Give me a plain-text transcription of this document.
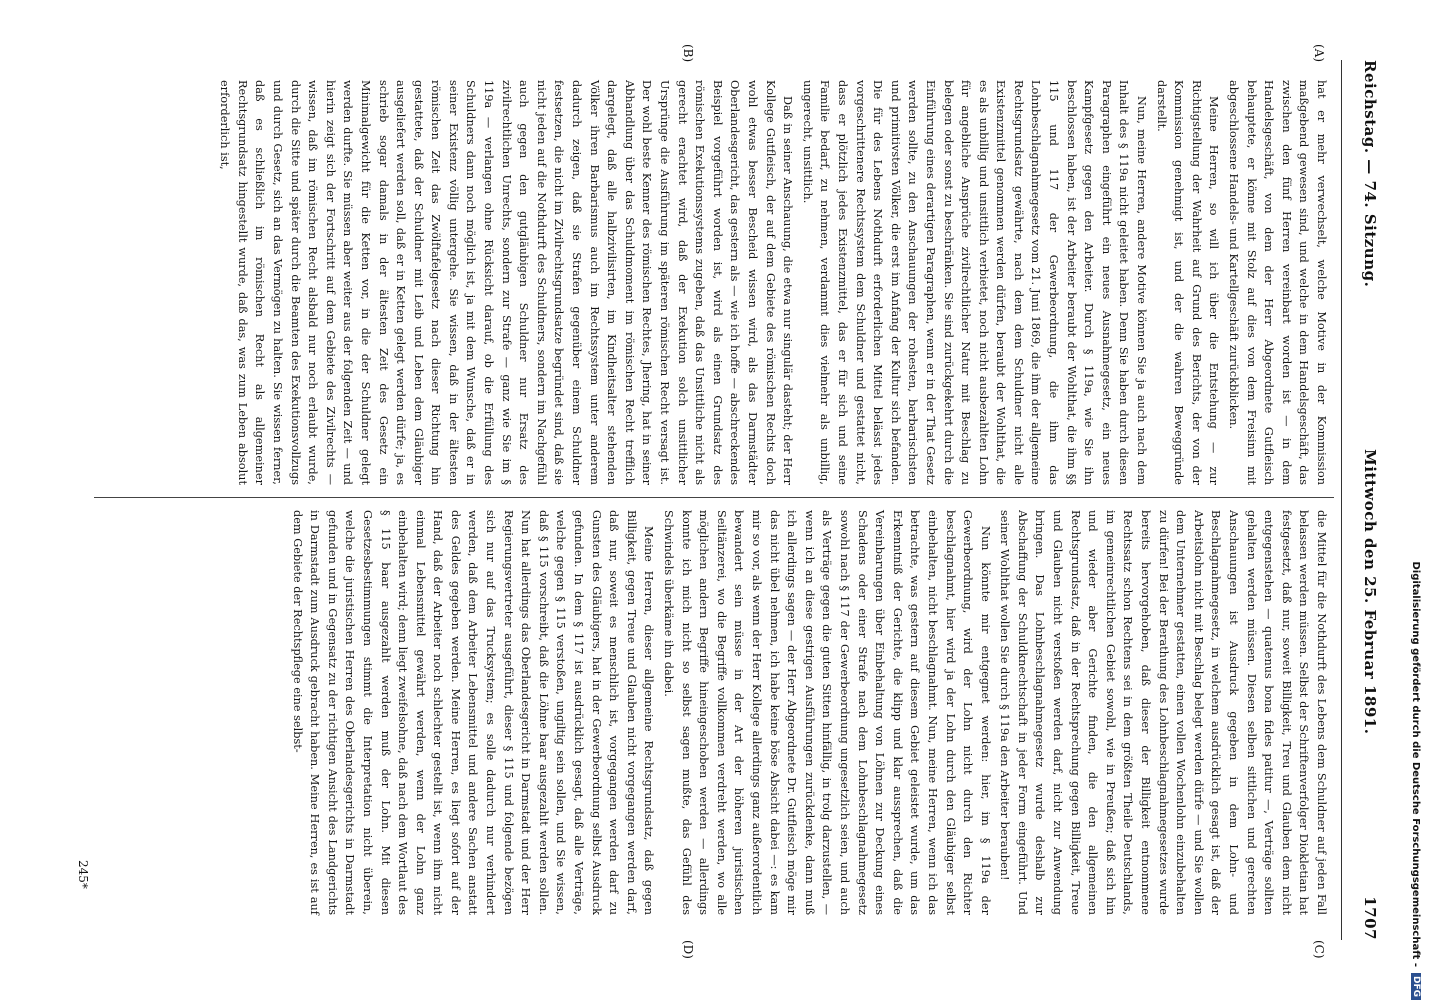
Reichstag. — 74. Sitzung.
Mittwoch den 25. Februar 1891.
1707
(A)
(B)
(C)
(D)

hat er mehr verwechselt, welche Motive in der Kommission maßgebend gewesen sind, und welche in dem Handelsgeschäft, das zwischen den fünf Herren vereinbart worden ist — in dem Handelsgeschäft, von dem der Herr Abgeordnete Gutfleisch behauptete, er könne mit Stolz auf dies von dem Freisinn mit abgeschlossene Handels- und Kartellgeschäft zurückblicken.

Meine Herren, so will ich über die Entstehung — zur Richtigstellung der Wahrheit auf Grund des Berichts, der von der Kommission genehmigt ist, und der die wahren Beweggründe darstellt.

Nun, meine Herren, andere Motive können Sie ja auch nach dem Inhalt des § 119a nicht geleitet haben. Denn Sie haben durch diesen Paragraphen eingeführt ein neues Ausnahmegesetz, ein neues Kampfgesetz gegen den Arbeiter. Durch § 119a, wie Sie ihn beschlossen haben, ist der Arbeiter beraubt der Wohlthat, die ihm §§ 115 und 117 der Gewerbeordnung, die ihm das Lohnbeschlagnahmegesetz vom 21. Juni 1869, die ihm der allgemeine Rechtsgrundsatz gewährte, nach dem dem Schuldner nicht alle Existenzmittel genommen werden dürfen, beraubt der Wohlthat, die es als unbillig und unsittlich verbietet, noch nicht ausbezahlten Lohn für angebliche Ansprüche zivilrechtlicher Natur mit Beschlag zu belegen oder sonst zu beschränken. Sie sind zurückgekehrt durch die Einführung eines derartigen Paragraphen, wenn er in der That Gesetz werden sollte, zu den Anschauungen der rohesten, barbarischsten und primitivsten Völker, die erst im Anfang der Kultur sich befanden. Die für des Lebens Nothdurft erforderlichen Mittel belässt jedes vorgeschrittenere Rechtssystem dem Schuldner und gestattet nicht, dass er plötzlich jedes Existenzmittel, das er für sich und seine Familie bedarf, zu nehmen, verdammt dies vielmehr als unbillig, ungerecht, unsittlich.

Daß in seiner Anschauung, die etwa nur singulär dasteht; der Herr Kollege Gutfleisch, der auf dem Gebiete des römischen Rechts doch wohl etwas besser Bescheid wissen wird, als das Darmstädter Oberlandesgericht, das gestern als — wie ich hoffe — abschreckendes Beispiel vorgeführt worden ist, wird als einen Grundsatz des römischen Exekutionssystems zugeben, daß das Unsittliche nicht als gerecht erachtet wird, daß der Exekution solch unsittlicher Ursprünge die Ausführung im späteren römischen Recht versagt ist. Der wohl beste Kenner des römischen Rechtes, Jhering, hat in seiner Abhandlung über das Schuldmoment im römischen Recht trefflich dargelegt, daß alle halbzivilisirten, im Kindheitsalter stehenden Völker ihren Barbarismus auch im Rechtssystem unter anderem dadurch zeigen, daß sie Strafen gegenüber einem Schuldner festsetzen, die nicht im Zivilrechtsgrundsatze begründet sind, daß sie nicht jeden auf die Nothdurft des Schuldners, sondern im Nachgefühl auch gegen den gutgläubigen Schuldner nur Ersatz des zivilrechtlichen Unrechts, sondern zur Strafe — ganz wie Sie im § 119a — verlangen ohne Rücksicht darauf, ob die Erfüllung des Schuldners dann noch möglich ist, ja mit dem Wunsche, daß er in seiner Existenz völlig untergehe. Sie wissen, daß in der ältesten römischen Zeit das Zwölftafelgesetz nach dieser Richtung hin gestattete, daß der Schuldner mit Leib und Leben dem Gläubiger ausgeliefert werden soll, daß er in Ketten gelegt werden dürfe; ja, es schrieb sogar damals in der ältesten Zeit des Gesetz ein Minimalgewicht für die Ketten vor, in die der Schuldner gelegt werden durfte. Sie müssen aber weiter aus der folgenden Zeit — und hierin zeigt sich der Fortschritt auf dem Gebiete des Zivilrechts — wissen, daß im römischen Recht alsbald nur noch erlaubt wurde, durch die Sitte und später durch die Beamten des Exekutionsvollzugs und durch Gesetz, sich an das Vermögen zu halten. Sie wissen ferner, daß es schließlich im römischen Recht als allgemeiner Rechtsgrundsatz hingestellt wurde, daß das, was zum Leben absolut erforderlich ist,

die Mittel für die Nothdurft des Lebens dem Schuldner auf jeden Fall belassen werden müssen. Selbst der Schriftenverfolger Diokletian hat festgesetzt, daß nur, soweit Billigkeit, Treu und Glauben dem nicht entgegenstehen — quatenus bona fides patitur —, Verträge sollten gehalten werden müssen. Diesen selben sittlichen und gerechten Anschauungen ist Ausdruck gegeben in dem Lohn- und Beschlagnahmegesetz, in welchem ausdrücklich gesagt ist, daß der Arbeitslohn nicht mit Beschlag belegt werden dürfe — und Sie wollen dem Unternehmer gestatten, einen vollen Wochenlohn einzubehalten zu dürfen! Bei der Berathung des Lohnbeschlagnahmegesetzes wurde bereits hervorgehoben, daß dieser der Billigkeit entnommene Rechtssatz schon Rechtens sei in dem größten Theile Deutschlands, im gemeinrechtlichen Gebiet sowohl, wie in Preußen; daß sich hin und wieder aber Gerichte finden, die den allgemeinen Rechtsgrundsatz, daß in der Rechtsprechung gegen Billigkeit, Treue und Glauben nicht verstoßen werden darf, nicht zur Anwendung bringen. Das Lohnbeschlagnahmegesetz wurde deshalb zur Abschaffung der Schuldknechtschaft in jeder Form eingeführt. Und seiner Wohlthat wollen Sie durch § 119a den Arbeiter berauben!

Nun könnte mir entgegnet werden: hier, im § 119a der Gewerbeordnung, wird der Lohn nicht durch den Richter beschlagnahmt, hier wird ja der Lohn durch den Gläubiger selbst einbehalten, nicht beschlagnahmt. Nun, meine Herren, wenn ich das betrachte, was gestern auf diesem Gebiet geleistet wurde, um das Erkenntniß der Gerichte, die klipp und klar aussprechen, daß die Vereinbarungen über Einbehaltung von Löhnen zur Deckung eines Schadens oder einer Strafe nach dem Lohnbeschlagnahmegesetz sowohl nach § 117 der Gewerbeordnung ungesetzlich seien, und auch als Verträge gegen die guten Sitten hinfällig, in trolg darzustellen, — wenn ich an diese gestrigen Ausführungen zurückdenke, dann muß ich allerdings sagen — der Herr Abgeordnete Dr. Gutfleisch möge mir das nicht übel nehmen, ich habe keine böse Absicht dabei —: es kam mir so vor, als wenn der Herr Kollege allerdings ganz außerordentlich bewandert sein müsse in der Art der höheren juristischen Seiltänzerei, wo die Begriffe vollkommen verdreht werden, wo alle möglichen andern Begriffe hineingeschoben werden — allerdings konnte ich mich nicht so selbst sagen mußte, das Gefühl des Schwindels überkäme ihn dabei.

Meine Herren, dieser allgemeine Rechtsgrundsatz, daß gegen Billigkeit, gegen Treue und Glauben nicht vorgegangen werden darf, daß nur, soweit es menschlich ist, vorgegangen werden darf zu Gunsten des Gläubigers, hat in der Gewerbeordnung selbst Ausdruck gefunden. In dem § 117 ist ausdrücklich gesagt, daß alle Verträge, welche gegen § 115 verstoßen, ungiltig sein sollen, und Sie wissen, daß § 115 vorschreibt, daß die Löhne baar ausgezahlt werden sollen. Nun hat allerdings das Oberlandesgericht in Darmstadt und der Herr Regierungsvertreter ausgeführt, dieser § 115 und folgende bezögen sich nur auf das Trucksystem; es solle dadurch nur verhindert werden, daß dem Arbeiter Lebensmittel und andere Sachen anstatt des Geldes gegeben werden. Meine Herren, es liegt sofort auf der Hand, daß der Arbeiter noch schlechter gestellt ist, wenn ihm nicht einmal Lebensmittel gewährt werden, wenn der Lohn ganz einbehalten wird; denn liegt zweifelsohne, daß nach dem Wortlaut des § 115 baar ausgezahlt werden muß der Lohn. Mit diesen Gesetzesbestimmungen stimmt die Interpretation nicht überein, welche die juristischen Herren des Oberlandesgerichts in Darmstadt gefunden und in Gegensatz zu der richtigen Ansicht des Landgerichts in Darmstadt zum Ausdruck gebracht haben. Meine Herren, es ist auf dem Gebiete der Rechtspflege eine selbst-

245*	Digitalisierung gefördert durch die Deutsche Forschungsgemeinschaft -
DFG
